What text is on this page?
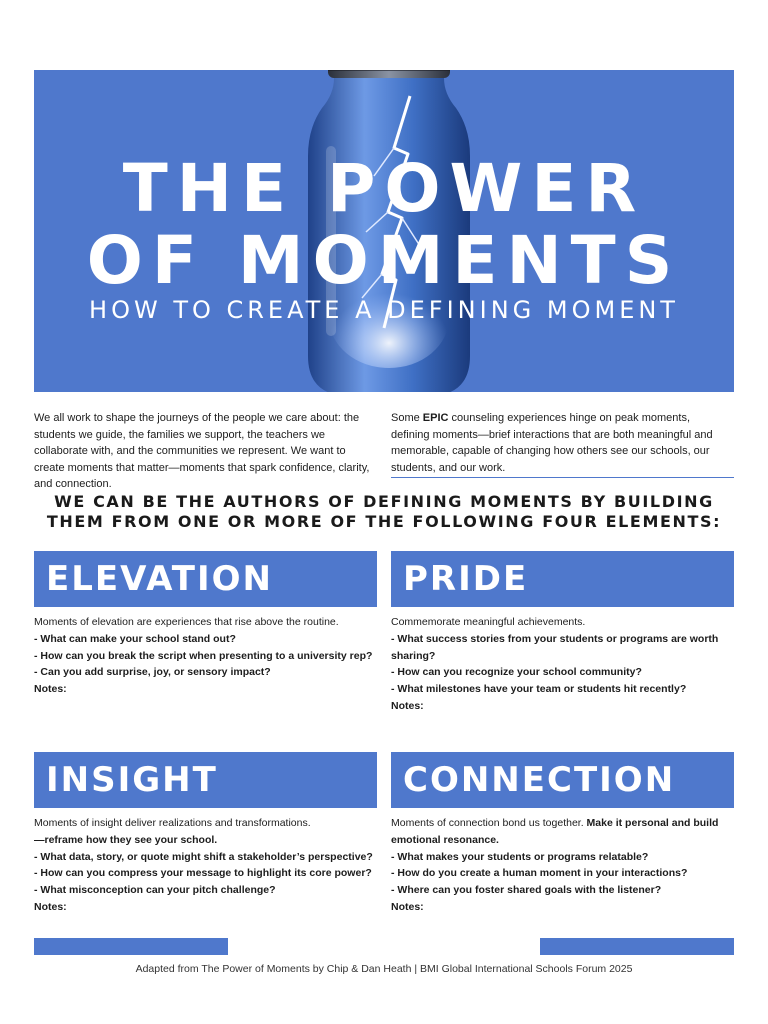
THE POWER
OF MOMENTS
HOW TO CREATE A DEFINING MOMENT
We all work to shape the journeys of the people we care about: the students we guide, the families we support, the teachers we collaborate with, and the communities we represent. We want to create moments that matter—moments that spark confidence, clarity, and connection.
Some EPIC counseling experiences hinge on peak moments, defining moments—brief interactions that are both meaningful and memorable, capable of changing how others see our schools, our students, and our work.
WE CAN BE THE AUTHORS OF DEFINING MOMENTS BY BUILDING
THEM FROM ONE OR MORE OF THE FOLLOWING FOUR ELEMENTS:
ELEVATION
Moments of elevation are experiences that rise above the routine.
- What can make your school stand out?
- How can you break the script when presenting to a university rep?
- Can you add surprise, joy, or sensory impact?
Notes:
PRIDE
Commemorate meaningful achievements.
- What success stories from your students or programs are worth sharing?
- How can you recognize your school community?
- What milestones have your team or students hit recently?
Notes:
INSIGHT
Moments of insight deliver realizations and transformations.
—reframe how they see your school.
- What data, story, or quote might shift a stakeholder’s perspective?
- How can you compress your message to highlight its core power?
- What misconception can your pitch challenge?
Notes:
CONNECTION
Moments of connection bond us together. Make it personal and build emotional resonance.
- What makes your students or programs relatable?
- How do you create a human moment in your interactions?
- Where can you foster shared goals with the listener?
Notes:
Adapted from The Power of Moments by Chip & Dan Heath | BMI Global International Schools Forum 2025
